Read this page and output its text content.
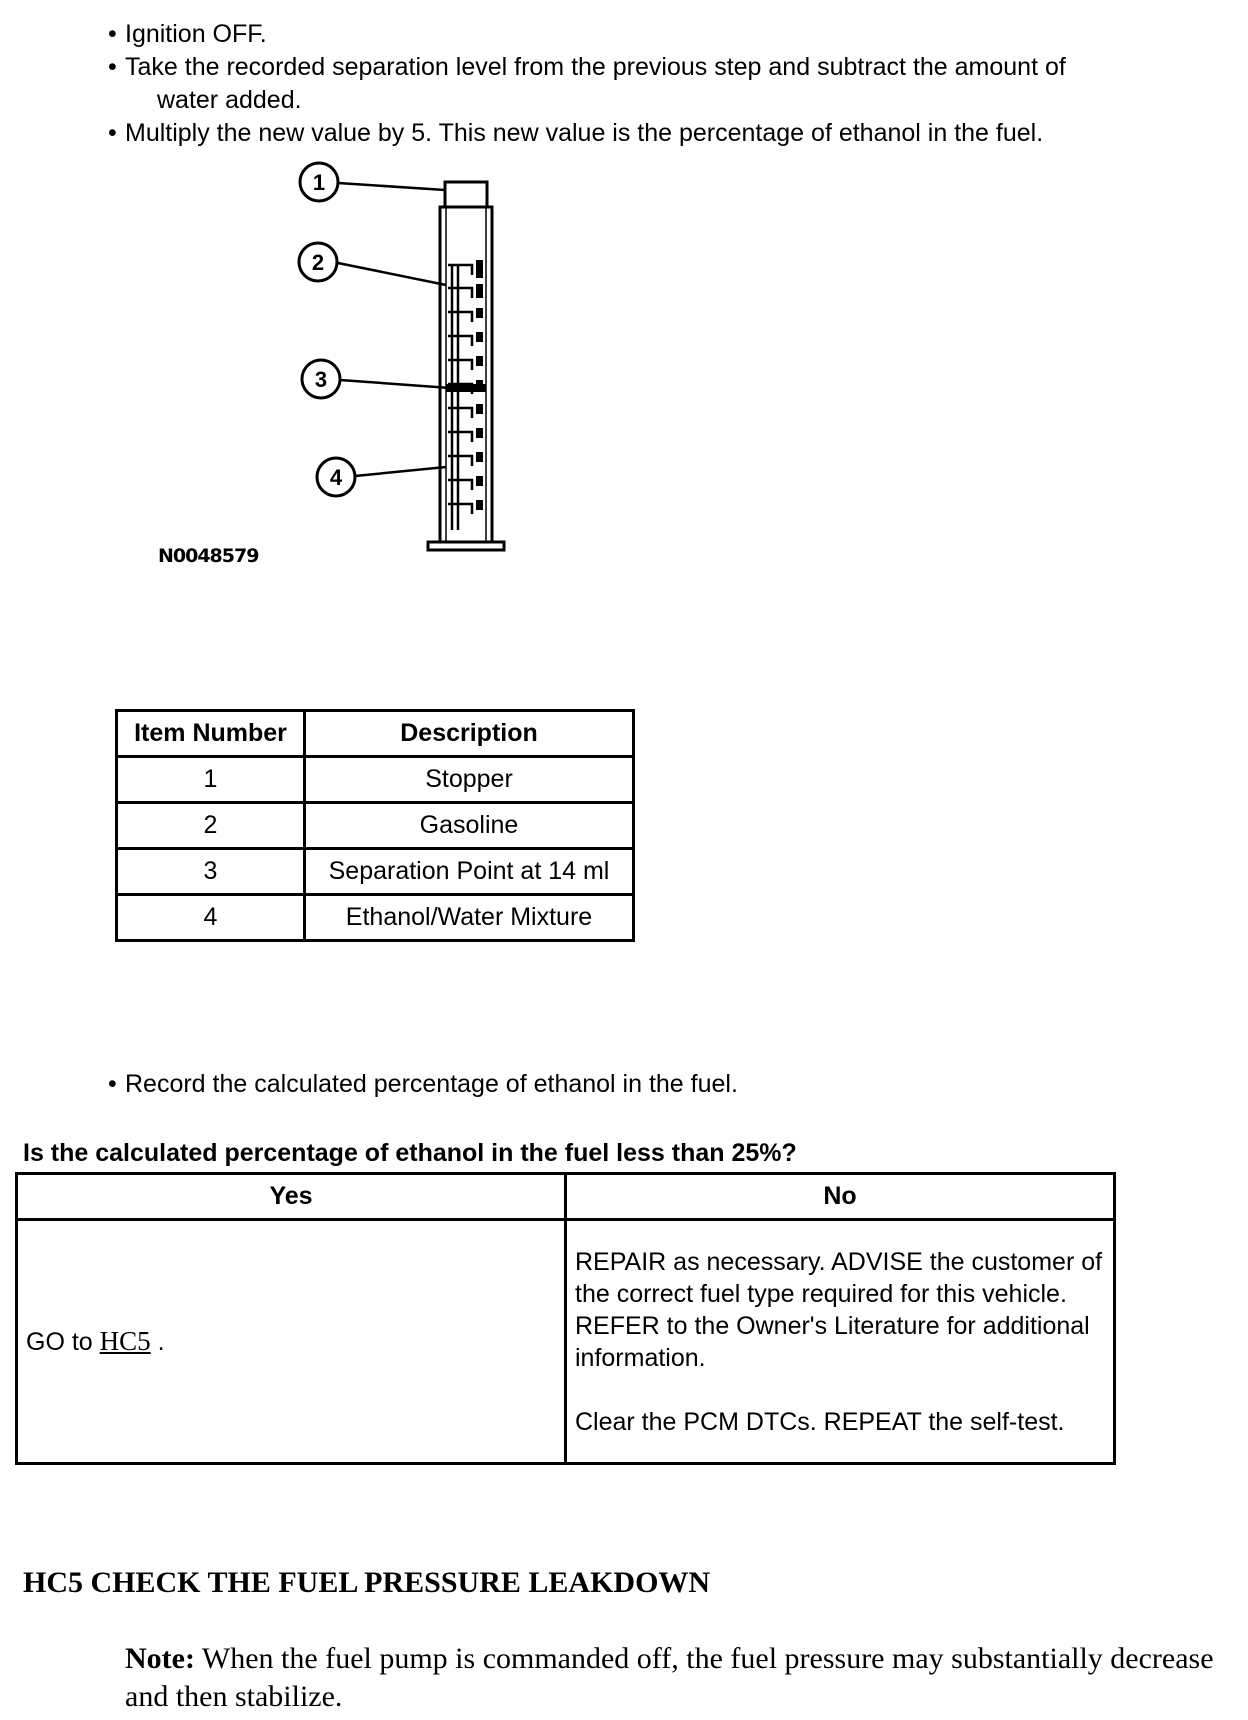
• Ignition OFF.
• Take the recorded separation level from the previous step and subtract the amount of
water added.
• Multiply the new value by 5. This new value is the percentage of ethanol in the fuel.
1
2
3
4
N0048579
Item Number	Description
1	Stopper
2	Gasoline
3	Separation Point at 14 ml
4	Ethanol/Water Mixture
• Record the calculated percentage of ethanol in the fuel.
Is the calculated percentage of ethanol in the fuel less than 25%?
Yes	No
GO to HC5 .	REPAIR as necessary. ADVISE the customer of the correct fuel type required for this vehicle. REFER to the Owner's Literature for additional information.
Clear the PCM DTCs. REPEAT the self-test.
HC5 CHECK THE FUEL PRESSURE LEAKDOWN
Note: When the fuel pump is commanded off, the fuel pressure may substantially decrease and then stabilize.
